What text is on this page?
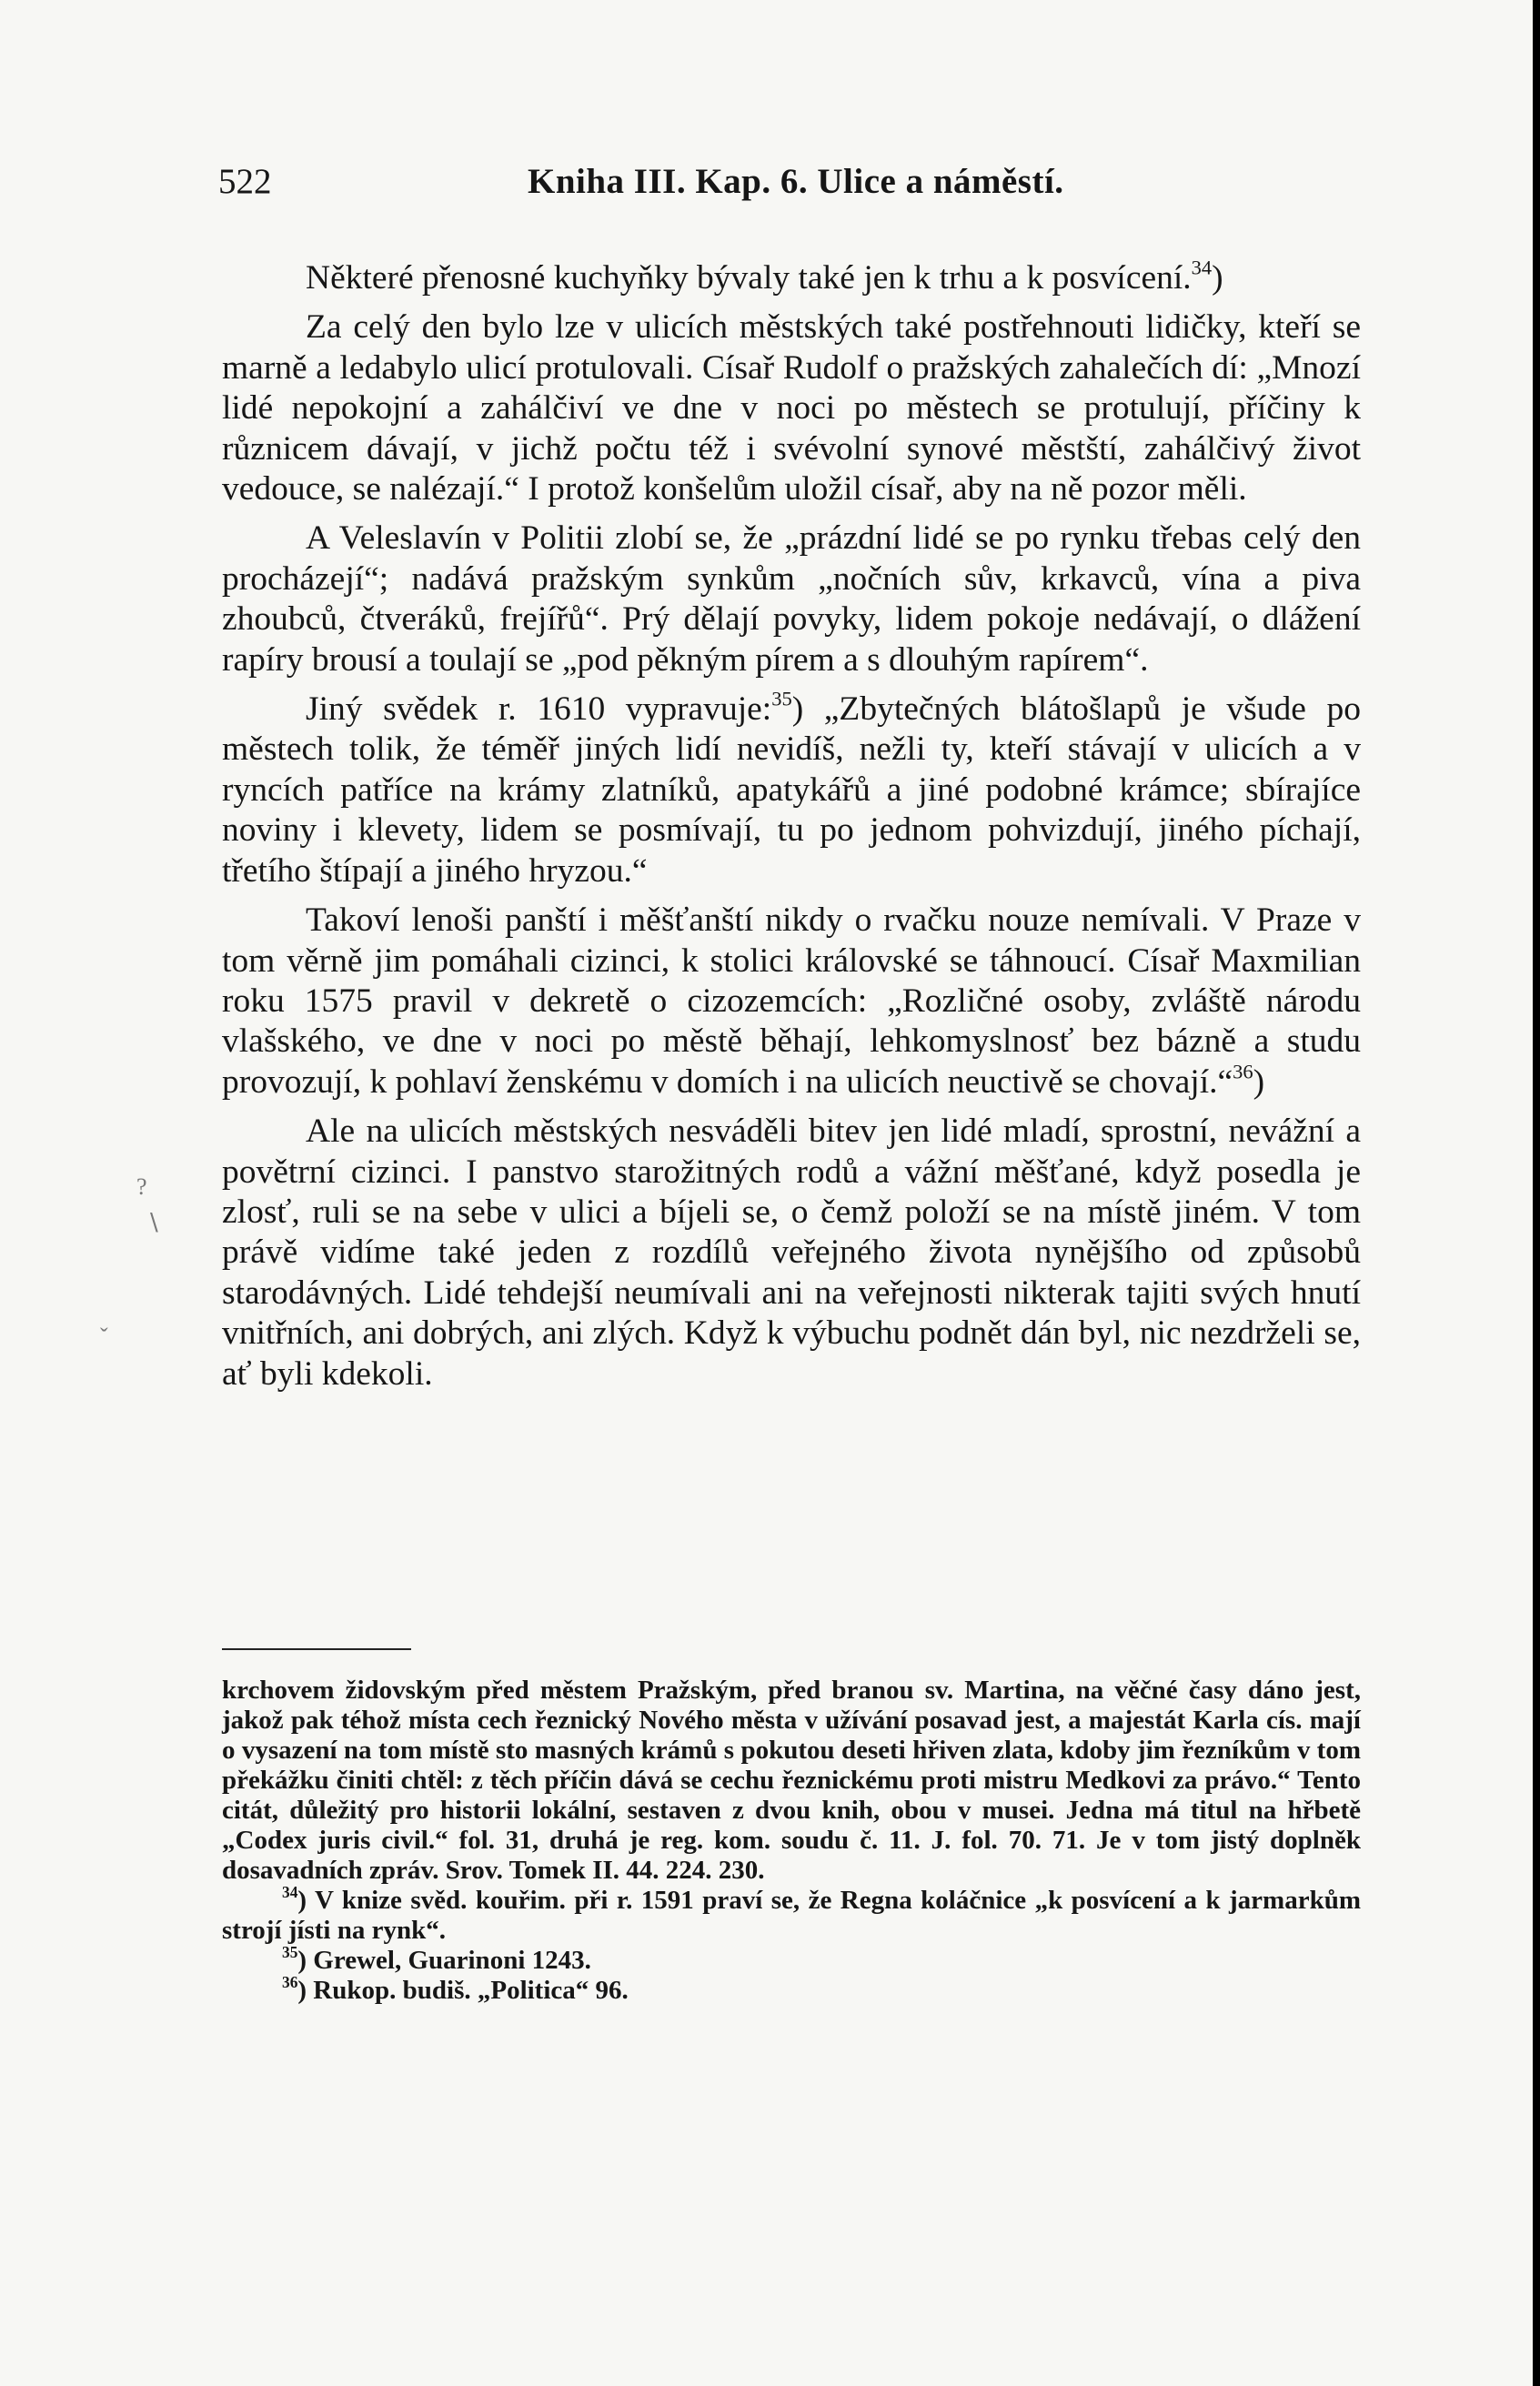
522	Kniha III. Kap. 6. Ulice a náměstí.

Některé přenosné kuchyňky bývaly také jen k trhu a k posvícení.$^{34}$)

Za celý den bylo lze v ulicích městských také postřehnouti lidičky, kteří se marně a ledabylo ulicí protulovali. Císař Rudolf o pražských zahalečích dí: „Mnozí lidé nepokojní a zahálčiví ve dne v noci po městech se protulují, příčiny k různicem dávají, v jichž počtu též i svévolní synové městští, zahálčivý život vedouce, se nalézají.“ I protož konšelům uložil císař, aby na ně pozor měli.

A Veleslavín v Politii zlobí se, že „prázdní lidé se po rynku třebas celý den procházejí“; nadává pražským synkům „nočních sův, krkavců, vína a piva zhoubců, čtveráků, frejířů“. Prý dělají povyky, lidem pokoje nedávají, o dlážení rapíry brousí a toulají se „pod pěkným pírem a s dlouhým rapírem“.

Jiný svědek r. 1610 vypravuje:$^{35}$) „Zbytečných blátošlapů je všude po městech tolik, že téměř jiných lidí nevidíš, nežli ty, kteří stávají v ulicích a v ryncích patříce na krámy zlatníků, apatykářů a jiné podobné krámce; sbírajíce noviny i klevety, lidem se posmívají, tu po jednom pohvizdují, jiného píchají, třetího štípají a jiného hryzou.“

Takoví lenoši panští i měšťanští nikdy o rvačku nouze nemívali. V Praze v tom věrně jim pomáhali cizinci, k stolici královské se táhnoucí. Císař Maxmilian roku 1575 pravil v dekretě o cizozemcích: „Rozličné osoby, zvláště národu vlašského, ve dne v noci po městě běhají, lehkomyslnosť bez bázně a studu provozují, k pohlaví ženskému v domích i na ulicích neuctivě se chovají.“$^{36}$)

Ale na ulicích městských nesváděli bitev jen lidé mladí, sprostní, nevážní a povětrní cizinci. I panstvo starožitných rodů a vážní měšťané, když posedla je zlosť, ruli se na sebe v ulici a bíjeli se, o čemž položí se na místě jiném. V tom právě vidíme také jeden z rozdílů veřejného života nynějšího od způsobů starodávných. Lidé tehdejší neumívali ani na veřejnosti nikterak tajiti svých hnutí vnitřních, ani dobrých, ani zlých. Když k výbuchu podnět dán byl, nic nezdrželi se, ať byli kdekoli.

krchovem židovským před městem Pražským, před branou sv. Martina, na věčné časy dáno jest, jakož pak téhož místa cech řeznický Nového města v užívání posavad jest, a majestát Karla cís. mají o vysazení na tom místě sto masných krámů s pokutou deseti hřiven zlata, kdoby jim řezníkům v tom překážku činiti chtěl: z těch příčin dává se cechu řeznickému proti mistru Medkovi za právo.“ Tento citát, důležitý pro historii lokální, sestaven z dvou knih, obou v musei. Jedna má titul na hřbetě „Codex juris civil.“ fol. 31, druhá je reg. kom. soudu č. 11. J. fol. 70. 71. Je v tom jistý doplněk dosavadních zpráv. Srov. Tomek II. 44. 224. 230.

$^{34}$) V knize svěd. kouřim. při r. 1591 praví se, že Regna koláčnice „k posvícení a k jarmarkům strojí jísti na rynk“.

$^{35}$) Grewel, Guarinoni 1243.

$^{36}$) Rukop. budiš. „Politica“ 96.

?
∖
ˇ
